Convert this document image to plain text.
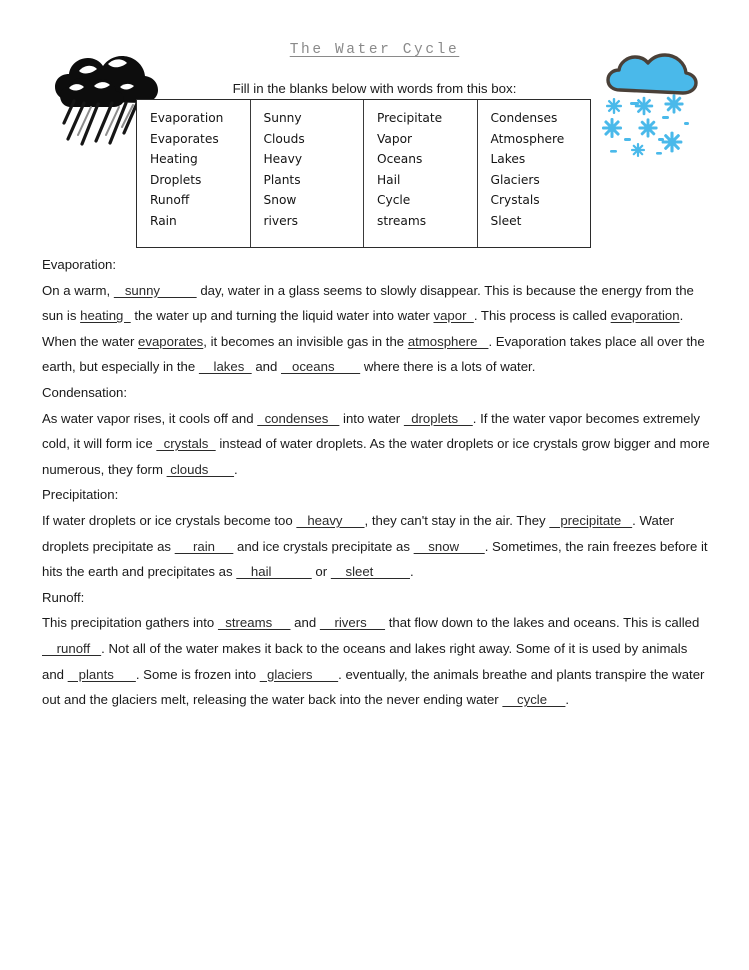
The Water Cycle
Fill in the blanks below with words from this box:
Evaporation
Evaporates
Heating
Droplets
Runoff
Rain
Sunny
Clouds
Heavy
Plants
Snow
rivers
Precipitate
Vapor
Oceans
Hail
Cycle
streams
Condenses
Atmosphere
Lakes
Glaciers
Crystals
Sleet
Evaporation:

On a warm,    sunny           day, water in a glass seems to slowly disappear. This is because the energy from the sun is heating   the water up and turning the liquid water into water vapor  . This process is called evaporation. When the water evaporates, it becomes an invisible gas in the atmosphere   . Evaporation takes place all over the earth, but especially in the     lakes   and    oceans        where there is a lots of water.

Condensation:

As water vapor rises, it cools off and   condenses    into water   droplets    . If the water vapor becomes extremely cold, it will form ice   crystals   instead of water droplets. As the water droplets or ice crystals grow bigger and more numerous, they form  clouds       .

Precipitation:

If water droplets or ice crystals become too    heavy      , they can't stay in the air. They    precipitate   . Water droplets precipitate as      rain      and ice crystals precipitate as     snow       . Sometimes, the rain freezes before it hits the earth and precipitates as     hail            or     sleet          .

Runoff:

This precipitation gathers into   streams      and     rivers      that flow down to the lakes and oceans. This is called     runoff   . Not all of the water makes it back to the oceans and lakes right away. Some of it is used by animals and    plants      . Some is frozen into   glaciers       . eventually, the animals breathe and plants transpire the water out and the glaciers melt, releasing the water back into the never ending water     cycle     .
